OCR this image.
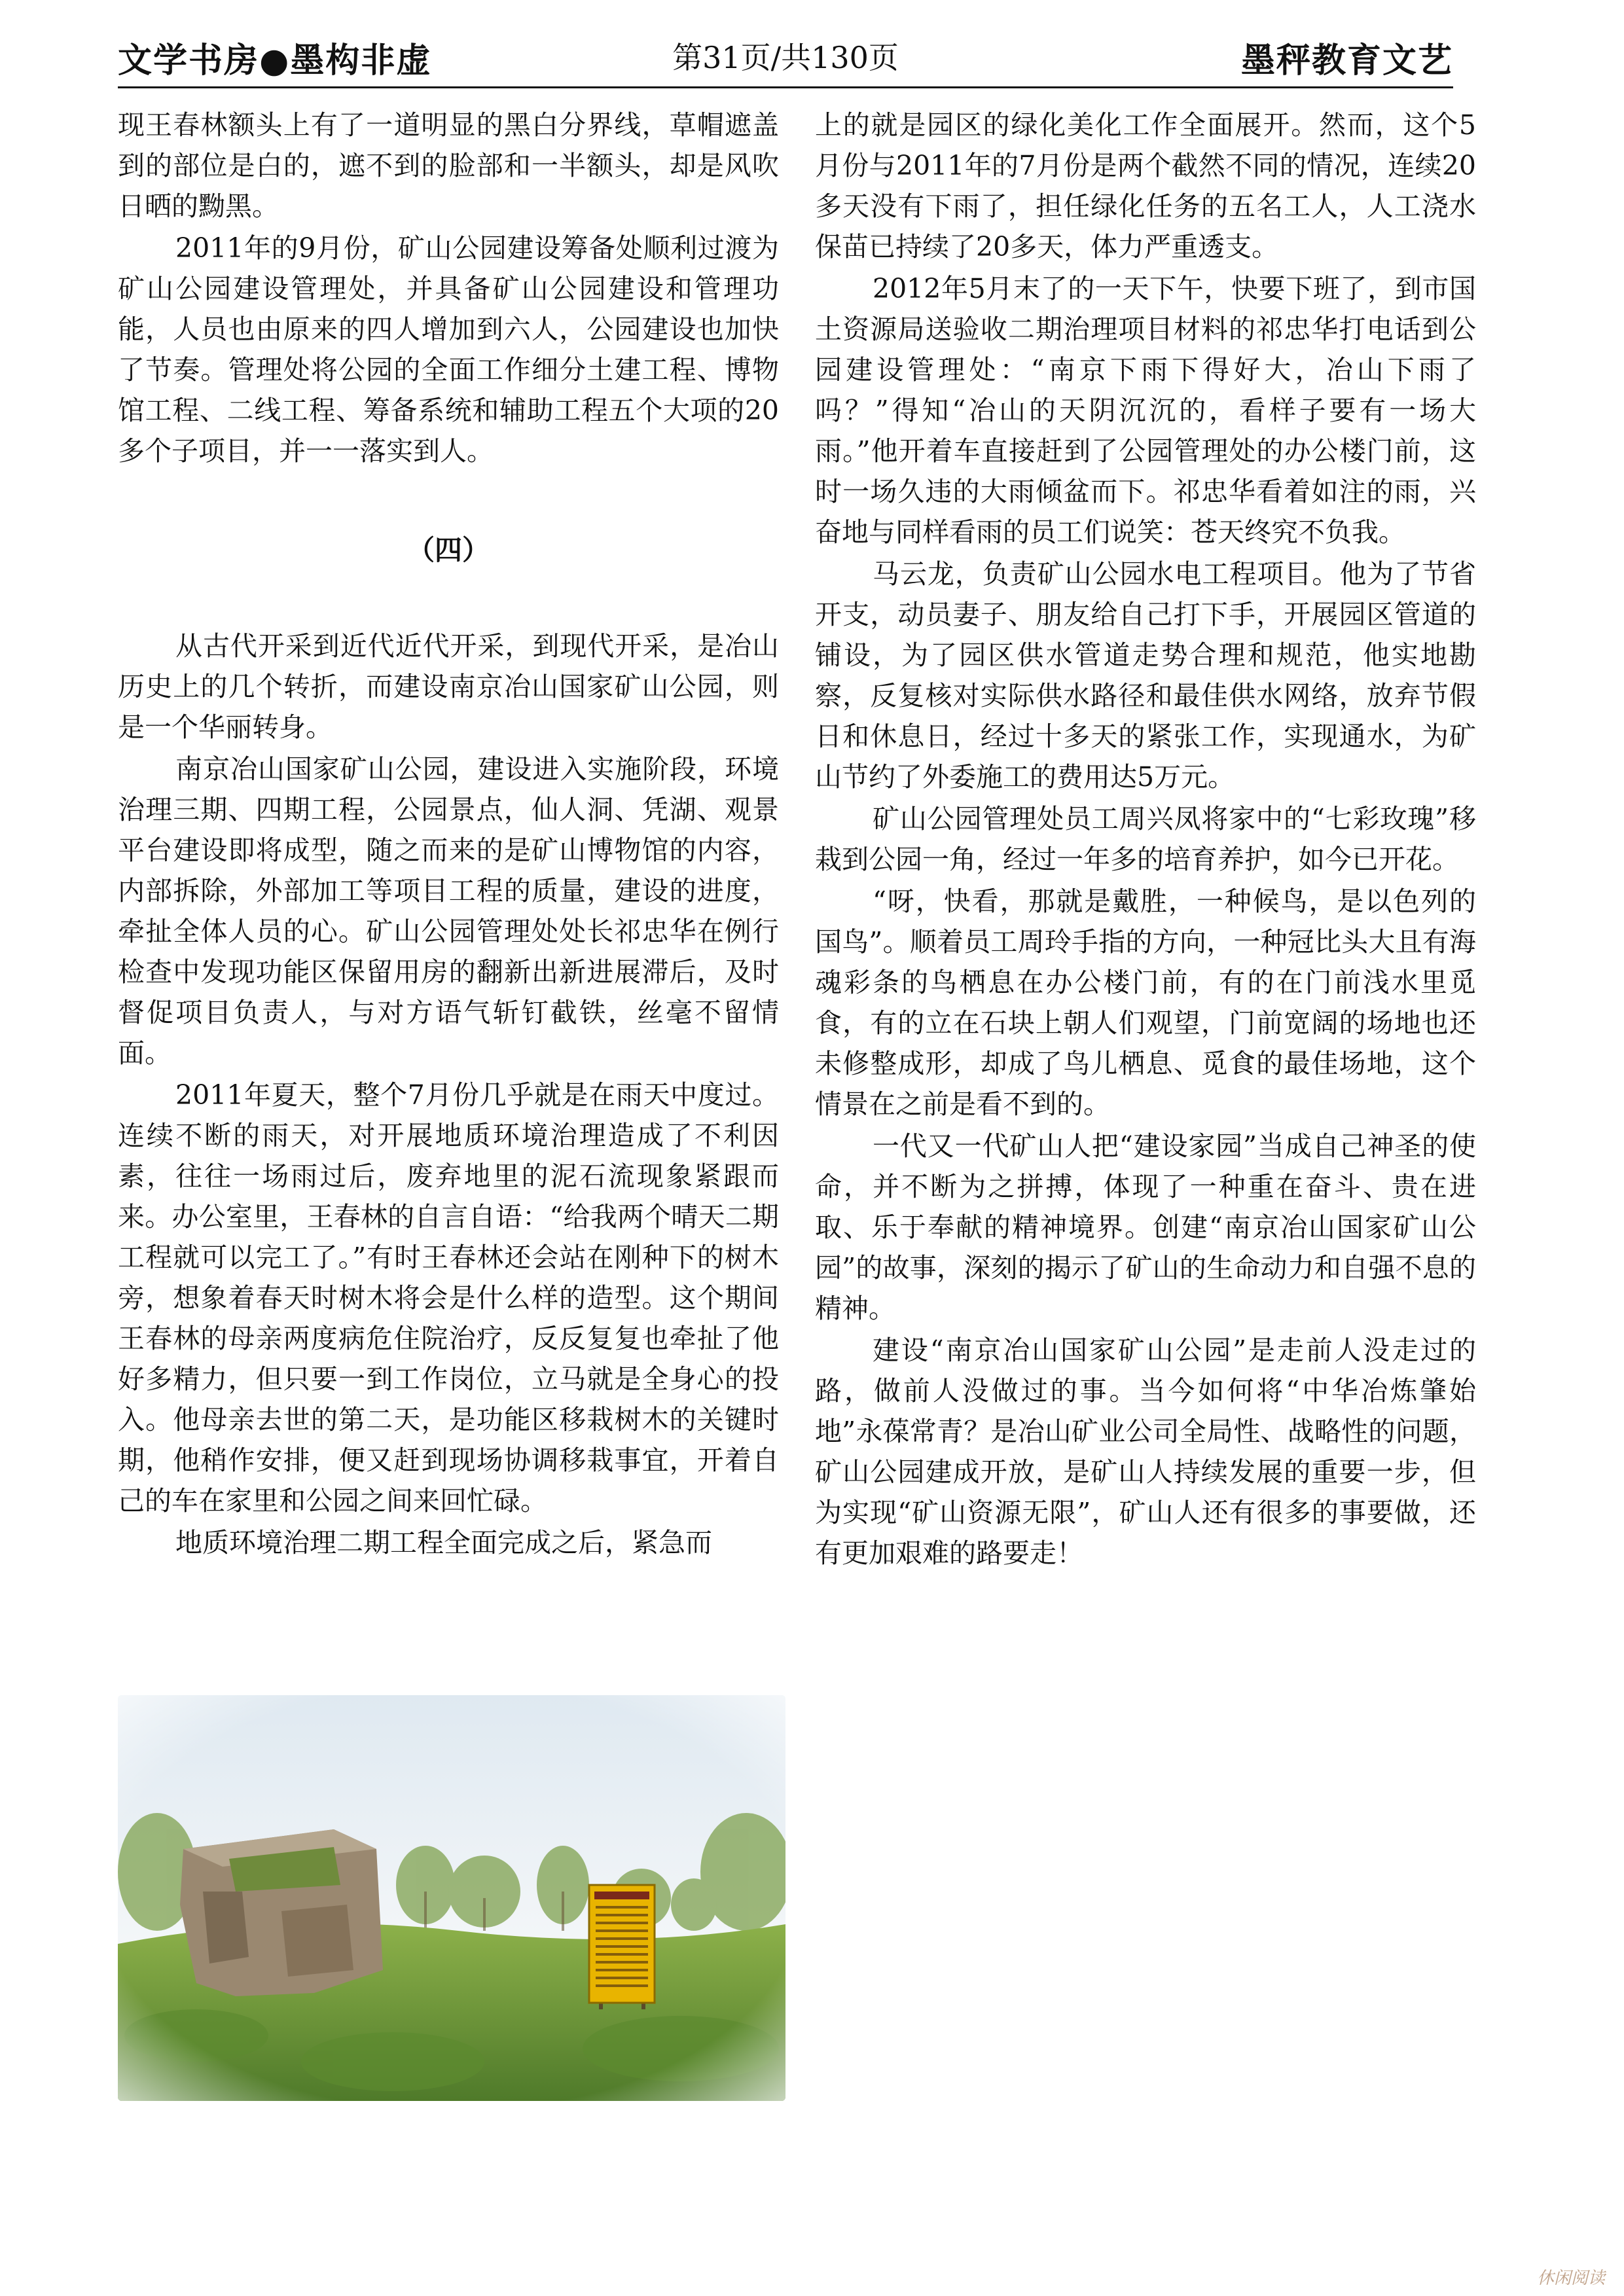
文学书房●墨构非虚	第31页/共130页	墨秤教育文艺

现王春林额头上有了一道明显的黑白分界线，草帽遮盖到的部位是白的，遮不到的脸部和一半额头，却是风吹日晒的黝黑。

2011年的9月份，矿山公园建设筹备处顺利过渡为矿山公园建设管理处，并具备矿山公园建设和管理功能，人员也由原来的四人增加到六人，公园建设也加快了节奏。管理处将公园的全面工作细分土建工程、博物馆工程、二线工程、筹备系统和辅助工程五个大项的20多个子项目，并一一落实到人。

（四）

从古代开采到近代近代开采，到现代开采，是冶山历史上的几个转折，而建设南京冶山国家矿山公园，则是一个华丽转身。

南京冶山国家矿山公园，建设进入实施阶段，环境治理三期、四期工程，公园景点，仙人洞、凭湖、观景平台建设即将成型，随之而来的是矿山博物馆的内容，内部拆除，外部加工等项目工程的质量，建设的进度，牵扯全体人员的心。矿山公园管理处处长祁忠华在例行检查中发现功能区保留用房的翻新出新进展滞后，及时督促项目负责人，与对方语气斩钉截铁，丝毫不留情面。

2011年夏天，整个7月份几乎就是在雨天中度过。连续不断的雨天，对开展地质环境治理造成了不利因素，往往一场雨过后，废弃地里的泥石流现象紧跟而来。办公室里，王春林的自言自语：“给我两个晴天二期工程就可以完工了。”有时王春林还会站在刚种下的树木旁，想象着春天时树木将会是什么样的造型。这个期间王春林的母亲两度病危住院治疗，反反复复也牵扯了他好多精力，但只要一到工作岗位，立马就是全身心的投入。他母亲去世的第二天，是功能区移栽树木的关键时期，他稍作安排，便又赶到现场协调移栽事宜，开着自己的车在家里和公园之间来回忙碌。

地质环境治理二期工程全面完成之后，紧急而

上的就是园区的绿化美化工作全面展开。然而，这个5月份与2011年的7月份是两个截然不同的情况，连续20多天没有下雨了，担任绿化任务的五名工人，人工浇水保苗已持续了20多天，体力严重透支。

2012年5月末了的一天下午，快要下班了，到市国土资源局送验收二期治理项目材料的祁忠华打电话到公园建设管理处：“南京下雨下得好大，冶山下雨了吗？”得知“冶山的天阴沉沉的，看样子要有一场大雨。”他开着车直接赶到了公园管理处的办公楼门前，这时一场久违的大雨倾盆而下。祁忠华看着如注的雨，兴奋地与同样看雨的员工们说笑：苍天终究不负我。

马云龙，负责矿山公园水电工程项目。他为了节省开支，动员妻子、朋友给自己打下手，开展园区管道的铺设，为了园区供水管道走势合理和规范，他实地勘察，反复核对实际供水路径和最佳供水网络，放弃节假日和休息日，经过十多天的紧张工作，实现通水，为矿山节约了外委施工的费用达5万元。

矿山公园管理处员工周兴凤将家中的“七彩玫瑰”移栽到公园一角，经过一年多的培育养护，如今已开花。

“呀，快看，那就是戴胜，一种候鸟，是以色列的国鸟”。顺着员工周玲手指的方向，一种冠比头大且有海魂彩条的鸟栖息在办公楼门前，有的在门前浅水里觅食，有的立在石块上朝人们观望，门前宽阔的场地也还未修整成形，却成了鸟儿栖息、觅食的最佳场地，这个情景在之前是看不到的。

一代又一代矿山人把“建设家园”当成自己神圣的使命，并不断为之拼搏，体现了一种重在奋斗、贵在进取、乐于奉献的精神境界。创建“南京冶山国家矿山公园”的故事，深刻的揭示了矿山的生命动力和自强不息的精神。

建设“南京冶山国家矿山公园”是走前人没走过的路，做前人没做过的事。当今如何将“中华冶炼肇始地”永葆常青？是冶山矿业公司全局性、战略性的问题，矿山公园建成开放，是矿山人持续发展的重要一步，但为实现“矿山资源无限”，矿山人还有很多的事要做，还有更加艰难的路要走！

休闲阅读
